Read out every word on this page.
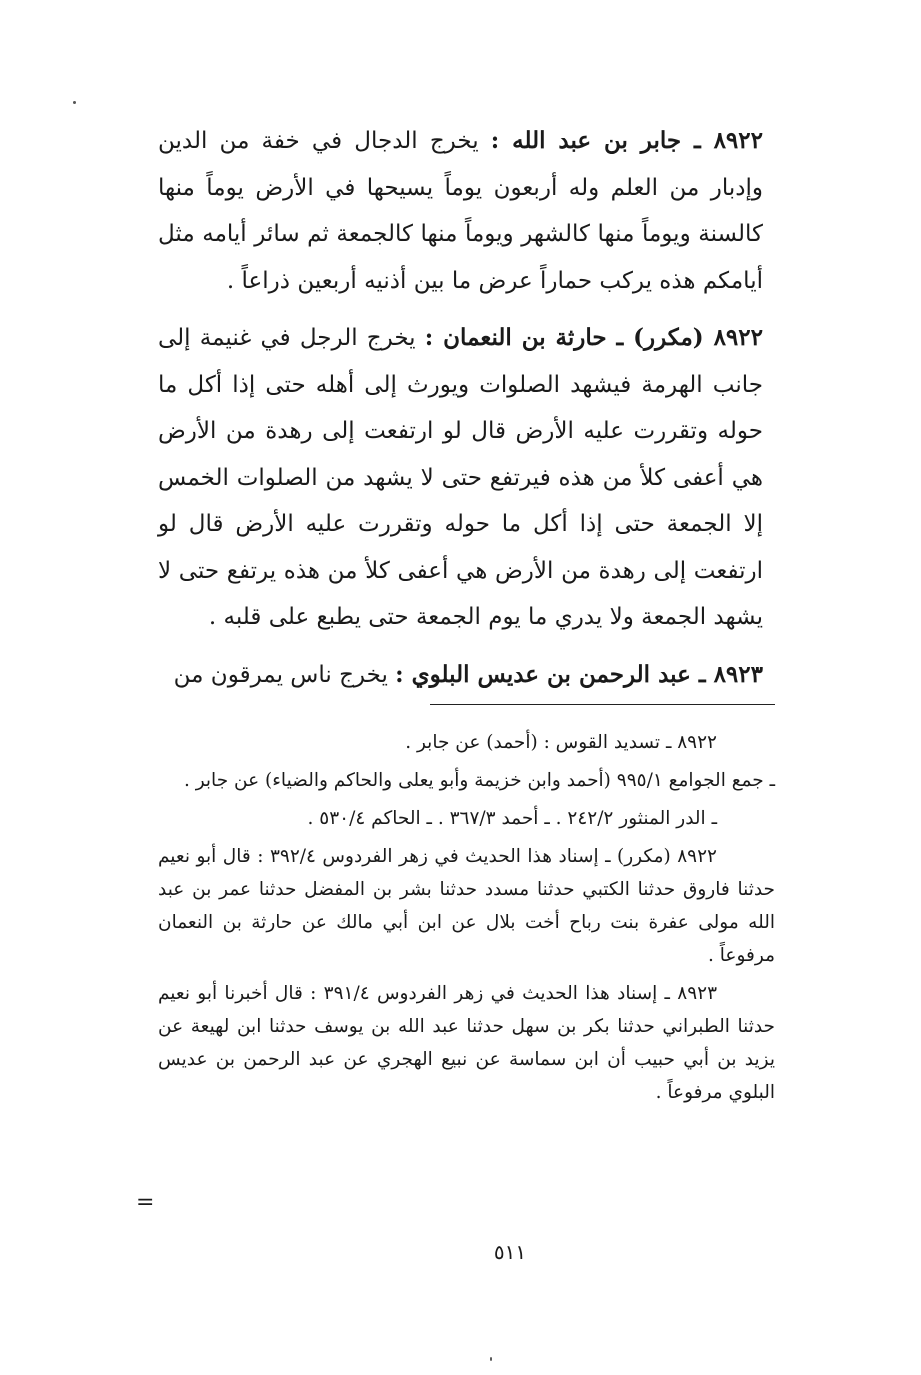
٨٩٢٢ ـ جابر بن عبد الله : يخرج الدجال في خفة من الدين وإدبار من العلم وله أربعون يوماً يسيحها في الأرض يوماً منها كالسنة ويوماً منها كالشهر ويوماً منها كالجمعة ثم سائر أيامه مثل أيامكم هذه يركب حماراً عرض ما بين أذنيه أربعين ذراعاً .

٨٩٢٢ (مكرر) ـ حارثة بن النعمان : يخرج الرجل في غنيمة إلى جانب الهرمة فيشهد الصلوات ويورث إلى أهله حتى إذا أكل ما حوله وتقررت عليه الأرض قال لو ارتفعت إلى رهدة من الأرض هي أعفى كلأ من هذه فيرتفع حتى لا يشهد من الصلوات الخمس إلا الجمعة حتى إذا أكل ما حوله وتقررت عليه الأرض قال لو ارتفعت إلى رهدة من الأرض هي أعفى كلأ من هذه يرتفع حتى لا يشهد الجمعة ولا يدري ما يوم الجمعة حتى يطبع على قلبه .

٨٩٢٣ ـ عبد الرحمن بن عديس البلوي : يخرج ناس يمرقون من

٨٩٢٢ ـ تسديد القوس : (أحمد) عن جابر .

ـ جمع الجوامع ٩٩٥/١ (أحمد وابن خزيمة وأبو يعلى والحاكم والضياء) عن جابر .

ـ الدر المنثور ٢٤٢/٢ . ـ أحمد ٣٦٧/٣ . ـ الحاكم ٥٣٠/٤ .

٨٩٢٢ (مكرر) ـ إسناد هذا الحديث في زهر الفردوس ٣٩٢/٤ : قال أبو نعيم حدثنا فاروق حدثنا الكتبي حدثنا مسدد حدثنا بشر بن المفضل حدثنا عمر بن عبد الله مولى عفرة بنت رباح أخت بلال عن ابن أبي مالك عن حارثة بن النعمان مرفوعاً .

٨٩٢٣ ـ إسناد هذا الحديث في زهر الفردوس ٣٩١/٤ : قال أخبرنا أبو نعيم حدثنا الطبراني حدثنا بكر بن سهل حدثنا عبد الله بن يوسف حدثنا ابن لهيعة عن يزيد بن أبي حبيب أن ابن سماسة عن نبيع الهجري عن عبد الرحمن بن عديس البلوي مرفوعاً .

=
٥١١
